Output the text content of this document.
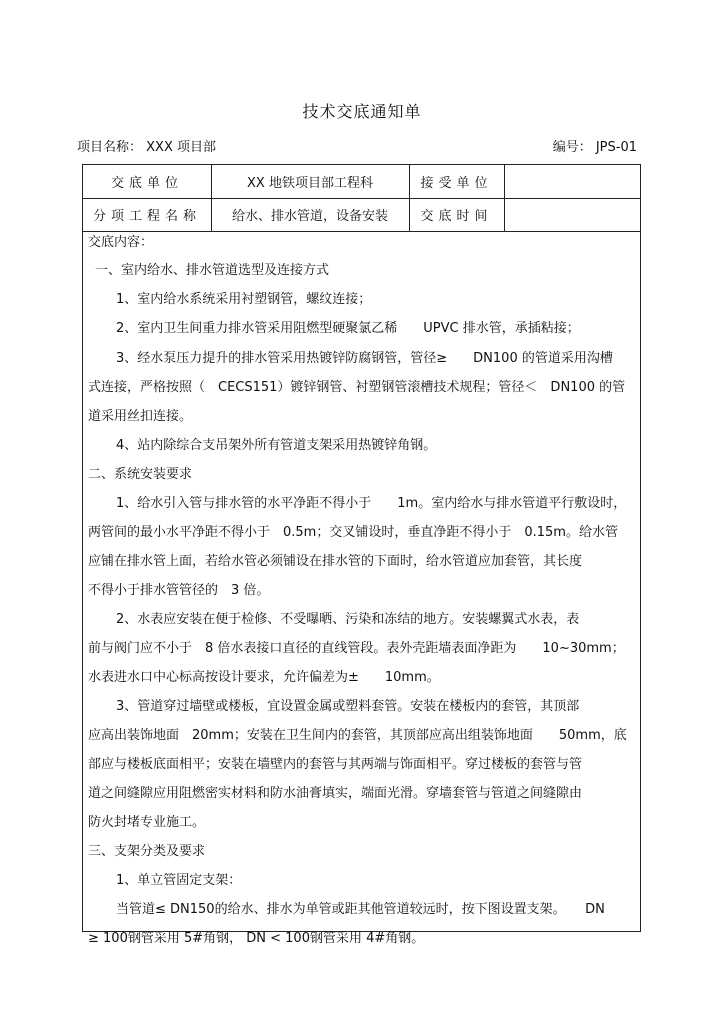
技术交底通知单
项目名称： XXX 项目部	编号： JPS-01
交底单位	XX 地铁项目部工程科	接受单位
分项工程名称	给水、排水管道，设备安装	交底时间
交底内容：
一、室内给水、排水管道选型及连接方式
1、室内给水系统采用衬塑钢管，螺纹连接；
2、室内卫生间重力排水管采用阻燃型硬聚氯乙稀　　UPVC 排水管，承插粘接；
3、经水泵压力提升的排水管采用热镀锌防腐钢管，管径≥　　DN100 的管道采用沟槽
式连接，严格按照（　CECS151）镀锌钢管、衬塑钢管滚槽技术规程；管径＜　DN100 的管
道采用丝扣连接。
4、站内除综合支吊架外所有管道支架采用热镀锌角钢。
二、系统安装要求
1、给水引入管与排水管的水平净距不得小于　　1m。室内给水与排水管道平行敷设时，
两管间的最小水平净距不得小于　0.5m；交叉铺设时，垂直净距不得小于　0.15m。给水管
应铺在排水管上面，若给水管必须铺设在排水管的下面时，给水管道应加套管，其长度
不得小于排水管管径的　3 倍。
2、水表应安装在便于检修、不受曝晒、污染和冻结的地方。安装螺翼式水表，表
前与阀门应不小于　8 倍水表接口直径的直线管段。表外壳距墙表面净距为　　10~30mm；
水表进水口中心标高按设计要求，允许偏差为±　　10mm。
3、管道穿过墙壁或楼板，宜设置金属或塑料套管。安装在楼板内的套管，其顶部
应高出装饰地面　20mm；安装在卫生间内的套管，其顶部应高出组装饰地面　　50mm，底
部应与楼板底面相平；安装在墙壁内的套管与其两端与饰面相平。穿过楼板的套管与管
道之间缝隙应用阻燃密实材料和防水油膏填实，端面光滑。穿墙套管与管道之间缝隙由
防火封堵专业施工。
三、支架分类及要求
1、单立管固定支架：
当管道≤ DN150的给水、排水为单管或距其他管道较远时，按下图设置支架。　　DN
≥ 100钢管采用 5#角钢， DN < 100钢管采用 4#角钢。
